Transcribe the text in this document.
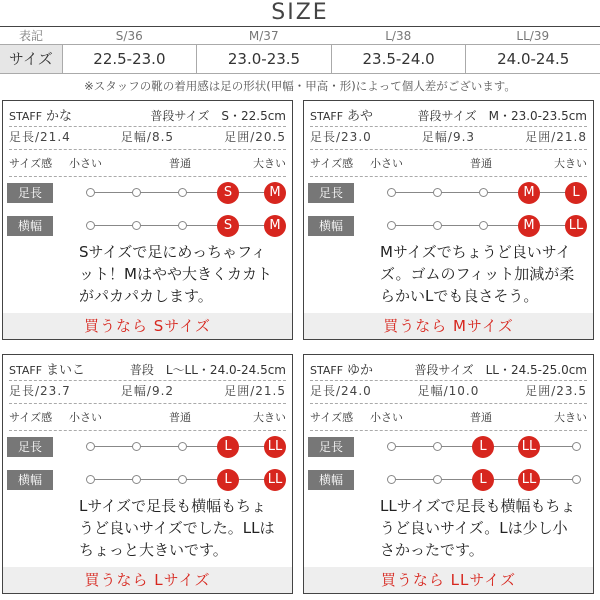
SIZE
表記	S/36	M/37	L/38	LL/39
サイズ	22.5-23.0	23.0-23.5	23.5-24.0	24.0-24.5
※スタッフの靴の着用感は足の形状(甲幅・甲高・形)によって個人差がございます。
STAFF かな	普段サイズ　S・22.5cm
足長/21.4	足幅/8.5	足囲/20.5
サイズ感 小さい	普通	大きい
足長	S	M
横幅	S	M
Sサイズで足にめっちゃフィット！Mはやや大きくカカトがパカパカします。
買うなら Sサイズ
STAFF あや	普段サイズ　M・23.0-23.5cm
足長/23.0	足幅/9.3	足囲/21.8
サイズ感 小さい	普通	大きい
足長	M	L
横幅	M	LL
Mサイズでちょうど良いサイズ。ゴムのフィット加減が柔らかいLでも良さそう。
買うなら Mサイズ
STAFF まいこ	普段　L〜LL・24.0-24.5cm
足長/23.7	足幅/9.2	足囲/21.5
サイズ感 小さい	普通	大きい
足長	L	LL
横幅	L	LL
Lサイズで足長も横幅もちょうど良いサイズでした。LLはちょっと大きいです。
買うなら Lサイズ
STAFF ゆか	普段サイズ　LL・24.5-25.0cm
足長/24.0	足幅/10.0	足囲/23.5
サイズ感 小さい	普通	大きい
足長	L	LL
横幅	L	LL
LLサイズで足長も横幅もちょうど良いサイズ。Lは少し小さかったです。
買うなら LLサイズ
